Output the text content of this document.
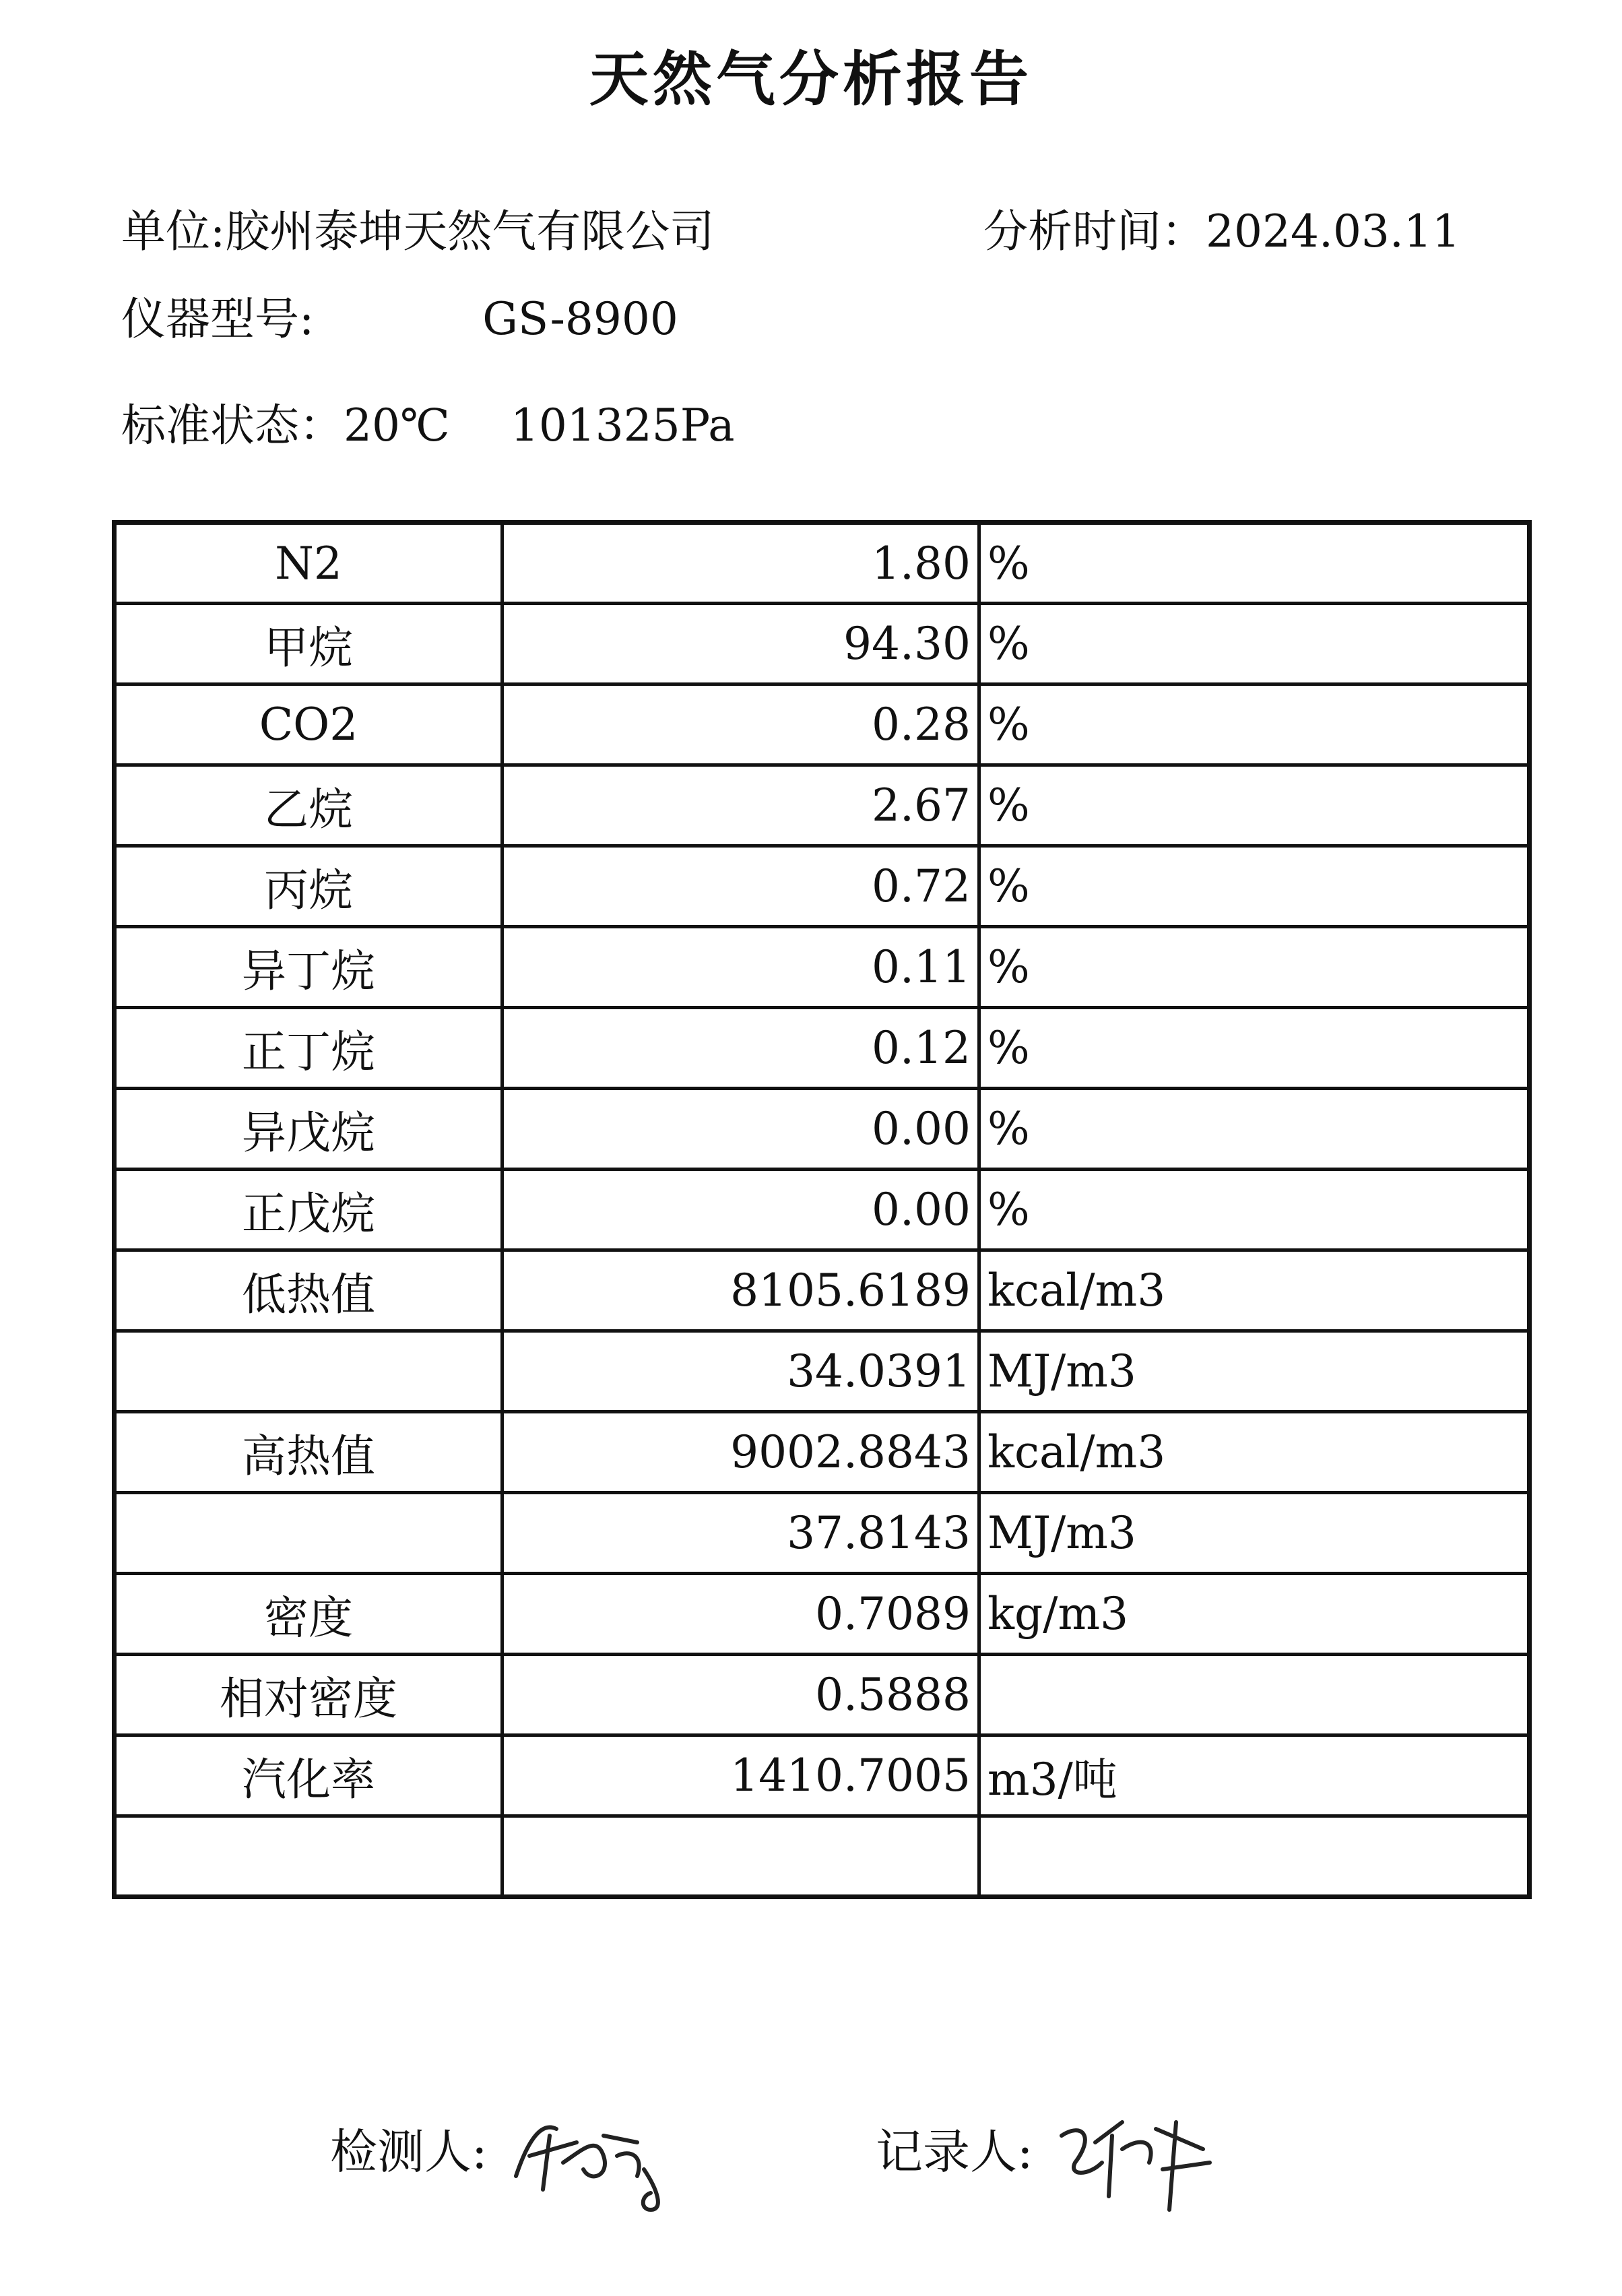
天然气分析报告
单位:胶州泰坤天然气有限公司	分析时间：2024.03.11
仪器型号:	GS-8900
标准状态：20℃ 101325Pa
N2	1.80	%
甲烷	94.30	%
CO2	0.28	%
乙烷	2.67	%
丙烷	0.72	%
异丁烷	0.11	%
正丁烷	0.12	%
异戊烷	0.00	%
正戊烷	0.00	%
低热值	8105.6189	kcal/m3
	34.0391	MJ/m3
高热值	9002.8843	kcal/m3
	37.8143	MJ/m3
密度	0.7089	kg/m3
相对密度	0.5888	
汽化率	1410.7005	m3/吨

检测人:	记录人:
